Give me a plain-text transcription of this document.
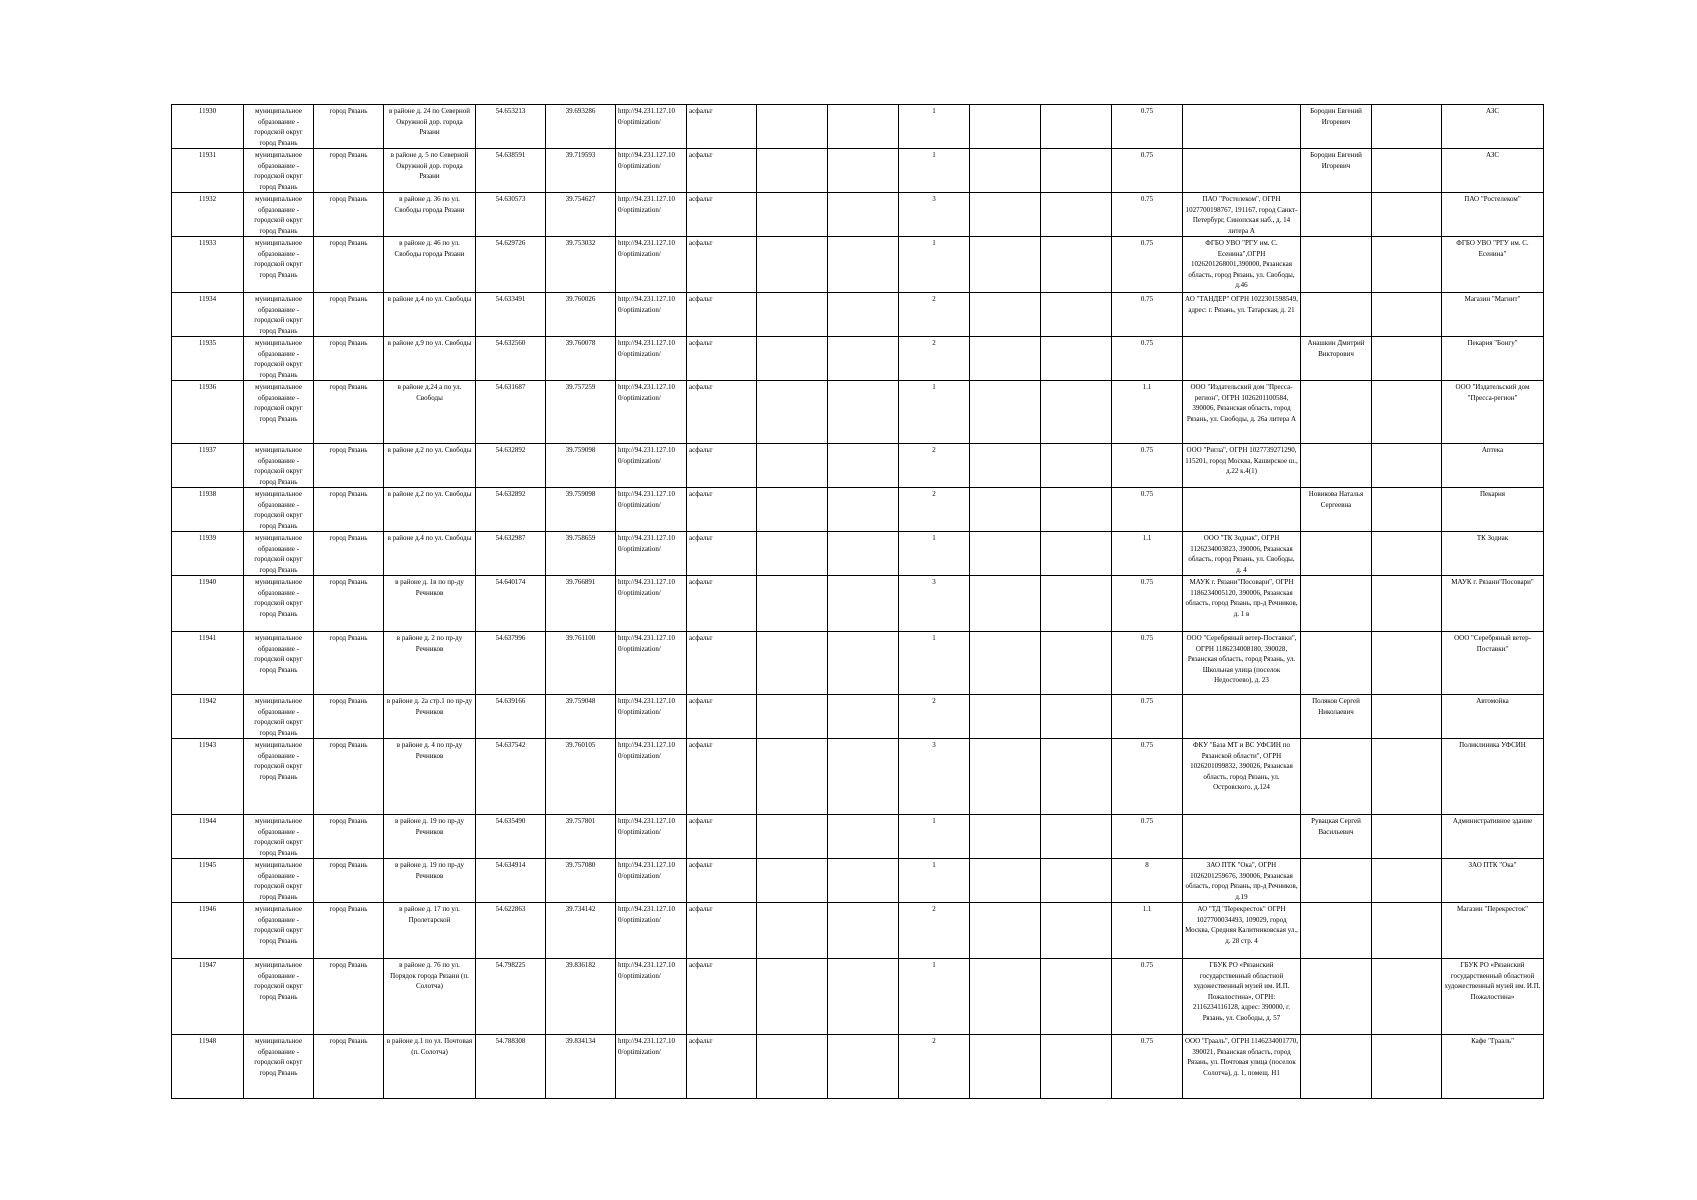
11930	муниципальное образование - городской округ город Рязань	город Рязань	в районе д. 24 по Северной Окружной дор. города Рязани	54.653213	39.693286	http://94.231.127.10 0/optimization/	асфальт			1			0.75		Бородин Евгений Игоревич		АЗС
11931	муниципальное образование - городской округ город Рязань	город Рязань	в районе д. 5 по Северной Окружной дор. города Рязани	54.638591	39.719593	http://94.231.127.10 0/optimization/	асфальт			1			0.75		Бородин Евгений Игоревич		АЗС
11932	муниципальное образование - городской округ город Рязань	город Рязань	в районе д. 36 по ул. Свободы города Рязани	54.630573	39.754627	http://94.231.127.10 0/optimization/	асфальт			3			0.75	ПАО "Ростелеком", ОГРН 1027700198767, 191167, город Санкт-Петербург, Синопская наб., д. 14 литера А			ПАО "Ростелеком"
11933	муниципальное образование - городской округ город Рязань	город Рязань	в районе д. 46 по ул. Свободы города Рязани	54.629726	39.753032	http://94.231.127.10 0/optimization/	асфальт			1			0.75	ФГБО УВО "РГУ им. С. Есенина",ОГРН 1026201268001,390000, Рязанская область, город Рязань, ул. Свободы, д.46			ФГБО УВО "РГУ им. С. Есенина"
11934	муниципальное образование - городской округ город Рязань	город Рязань	в районе д.4 по ул. Свободы	54.633491	39.760026	http://94.231.127.10 0/optimization/	асфальт			2			0.75	АО "ТАНДЕР" ОГРН 1022301598549, адрес: г. Рязань, ул. Татарская, д. 21			Магазин "Магнит"
11935	муниципальное образование - городской округ город Рязань	город Рязань	в районе д.9 по ул. Свободы	54.632560	39.760078	http://94.231.127.10 0/optimization/	асфальт			2			0.75		Анашкин Дмитрий Викторович		Пекарня "Бонгу"
11936	муниципальное образование - городской округ город Рязань	город Рязань	в районе д.24 а по ул. Свободы	54.631687	39.757259	http://94.231.127.10 0/optimization/	асфальт			1			1.1	ООО "Издательский дом "Пресса-регион", ОГРН 1026201100584, 390006, Рязанская область, город Рязань, ул. Свободы, д. 26а литера А			ООО "Издательский дом "Пресса-регион"
11937	муниципальное образование - городской округ город Рязань	город Рязань	в районе д.2 по ул. Свободы	54.632892	39.759098	http://94.231.127.10 0/optimization/	асфальт			2			0.75	ООО "Ригла", ОГРН 1027739271290, 115201, город Москва, Каширское ш., д.22 к.4(1)			Аптека
11938	муниципальное образование - городской округ город Рязань	город Рязань	в районе д.2 по ул. Свободы	54.632892	39.759098	http://94.231.127.10 0/optimization/	асфальт			2			0.75		Новикова Наталья Сергеевна		Пекарня
11939	муниципальное образование - городской округ город Рязань	город Рязань	в районе д.4 по ул. Свободы	54.632987	39.758659	http://94.231.127.10 0/optimization/	асфальт			1			1.1	ООО "ТК Зодиак", ОГРН 1126234003823, 390006, Рязанская область, город Рязань, ул. Свободы, д. 4			ТК Зодиак
11940	муниципальное образование - городской округ город Рязань	город Рязань	в районе д. 1в по пр-ду Речников	54.640174	39.766891	http://94.231.127.10 0/optimization/	асфальт			3			0.75	МАУК г. Рязани"Посовари", ОГРН 1186234005120, 390006, Рязанская область, город Рязань, пр-д Речников, д. 1 в			МАУК г. Рязани"Посовари"
11941	муниципальное образование - городской округ город Рязань	город Рязань	в районе д. 2 по пр-ду Речников	54.637996	39.761100	http://94.231.127.10 0/optimization/	асфальт			1			0.75	ООО "Серебряный ветер-Поставки", ОГРН 1186234008180, 390028, Рязанская область, город Рязань, ул. Школьная улица (поселок Недостоево), д. 23			ООО "Серебряный ветер-Поставки"
11942	муниципальное образование - городской округ город Рязань	город Рязань	в районе д. 2а стр.1 по пр-ду Речников	54.639166	39.759048	http://94.231.127.10 0/optimization/	асфальт			2			0.75		Поляков Сергей Николаевич		Автомойка
11943	муниципальное образование - городской округ город Рязань	город Рязань	в районе д. 4 по пр-ду Речников	54.637542	39.760105	http://94.231.127.10 0/optimization/	асфальт			3			0.75	ФКУ "База МТ и ВС УФСИН по Рязанской области", ОГРН 1026201099832, 390026, Рязанская область, город Рязань, ул. Островского, д.124			Поликлиника УФСИН
11944	муниципальное образование - городской округ город Рязань	город Рязань	в районе д. 19 по пр-ду Речников	54.635490	39.757801	http://94.231.127.10 0/optimization/	асфальт			1			0.75		Рувацкая Сергей Васильевич		Административное здание
11945	муниципальное образование - городской округ город Рязань	город Рязань	в районе д. 19 по пр-ду Речников	54.634914	39.757080	http://94.231.127.10 0/optimization/	асфальт			1			8	ЗАО ПТК "Ока", ОГРН 1026201259676, 390006, Рязанская область, город Рязань, пр-д Речников, д.19			ЗАО ПТК "Ока"
11946	муниципальное образование - городской округ город Рязань	город Рязань	в районе д. 17 по ул. Пролетарской	54.622863	39.734142	http://94.231.127.10 0/optimization/	асфальт			2			1.1	АО "ТД "Перекресток" ОГРН 1027700034493, 109029, город Москва, Средняя Калитниковская ул., д. 28 стр. 4			Магазин "Перекресток"
11947	муниципальное образование - городской округ город Рязань	город Рязань	в районе д. 76 по ул. Порядок города Рязани (п. Солотча)	54.798225	39.836182	http://94.231.127.10 0/optimization/	асфальт			1			0.75	ГБУК РО «Рязанский государственный областной художественный музей им. И.П. Пожалостина», ОГРН: 2116234116128, адрес: 390000, г. Рязань, ул. Свободы, д. 57			ГБУК РО «Рязанский государственный областной художественный музей им. И.П. Пожалостина»
11948	муниципальное образование - городской округ город Рязань	город Рязань	в районе д.1 по ул. Почтовая (п. Солотча)	54.788308	39.834134	http://94.231.127.10 0/optimization/	асфальт			2			0.75	ООО "Грааль", ОГРН 1146234001770, 390021, Рязанская область, город Рязань, ул. Почтовая улица (поселок Солотча), д. 1, помещ. Н1			Кафе "Грааль"
